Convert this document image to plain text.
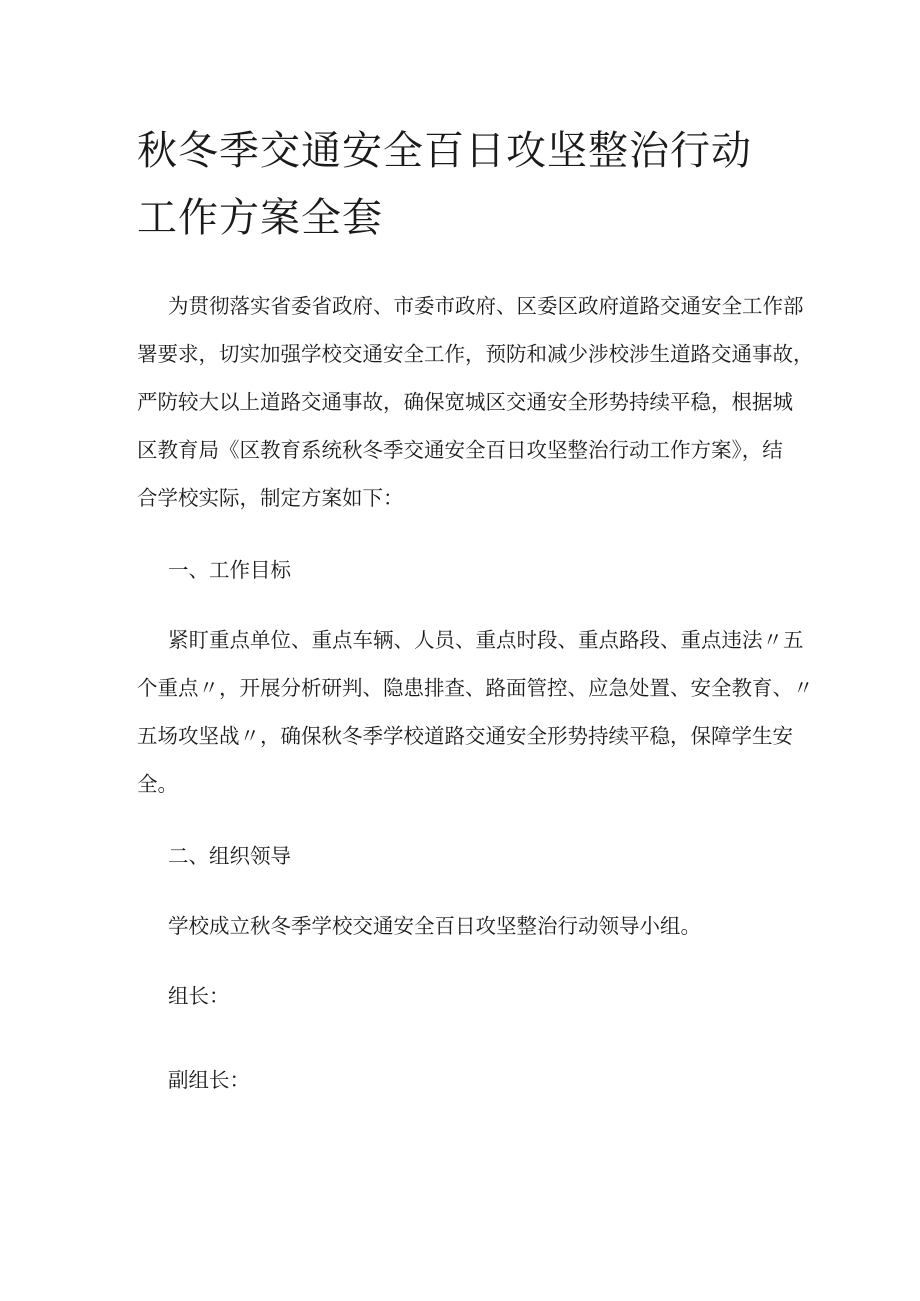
秋冬季交通安全百日攻坚整治行动
工作方案全套

为贯彻落实省委省政府、市委市政府、区委区政府道路交通安全工作部
署要求，切实加强学校交通安全工作，预防和减少涉校涉生道路交通事故，
严防较大以上道路交通事故，确保宽城区交通安全形势持续平稳，根据城
区教育局《区教育系统秋冬季交通安全百日攻坚整治行动工作方案》，结
合学校实际，制定方案如下：

一、工作目标

紧盯重点单位、重点车辆、人员、重点时段、重点路段、重点违法〃五
个重点〃，开展分析研判、隐患排查、路面管控、应急处置、安全教育、〃
五场攻坚战〃，确保秋冬季学校道路交通安全形势持续平稳，保障学生安
全。

二、组织领导

学校成立秋冬季学校交通安全百日攻坚整治行动领导小组。

组长：

副组长：
